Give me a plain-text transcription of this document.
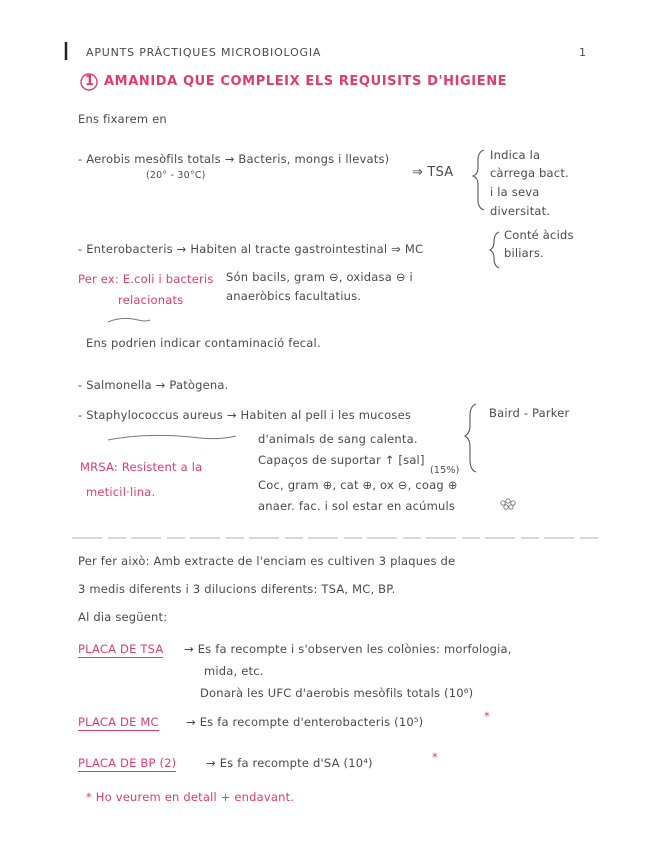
APUNTS PRÀCTIQUES MICROBIOLOGIA	1
1 AMANIDA QUE COMPLEIX ELS REQUISITS D'HIGIENE
Ens fixarem en
- Aerobis mesòfils totals → Bacteris, mongs i llevats)
(20° - 30°C)	⇒ TSA
Indica la
càrrega bact.
i la seva
diversitat.
- Enterobacteris → Habiten al tracte gastrointestinal ⇒ MC
Conté àcids
biliars.
Per ex: E.coli i bacteris
relacionats
Són bacils, gram ⊖, oxidasa ⊖ i
anaeròbics facultatius.
Ens podrien indicar contaminació fecal.
- Salmonella → Patògena.
- Staphylococcus aureus → Habiten al pell i les mucoses	Baird - Parker
d'animals de sang calenta.
Capaços de suportar ↑ [sal]
(15%)
Coc, gram ⊕, cat ⊕, ox ⊖, coag ⊕
anaer. fac. i sol estar en acúmuls
MRSA: Resistent a la
meticil·lina.
Per fer això: Amb extracte de l'enciam es cultiven 3 plaques de
3 medis diferents i 3 dilucions diferents: TSA, MC, BP.
Al dia següent:
PLACA DE TSA → Es fa recompte i s'observen les colònies: morfologia,
mida, etc.
Donarà les UFC d'aerobis mesòfils totals (10⁶)
PLACA DE MC → Es fa recompte d'enterobacteris (10⁵)	*
PLACA DE BP (2)	→ Es fa recompte d'SA (10⁴)	*
* Ho veurem en detall + endavant.
